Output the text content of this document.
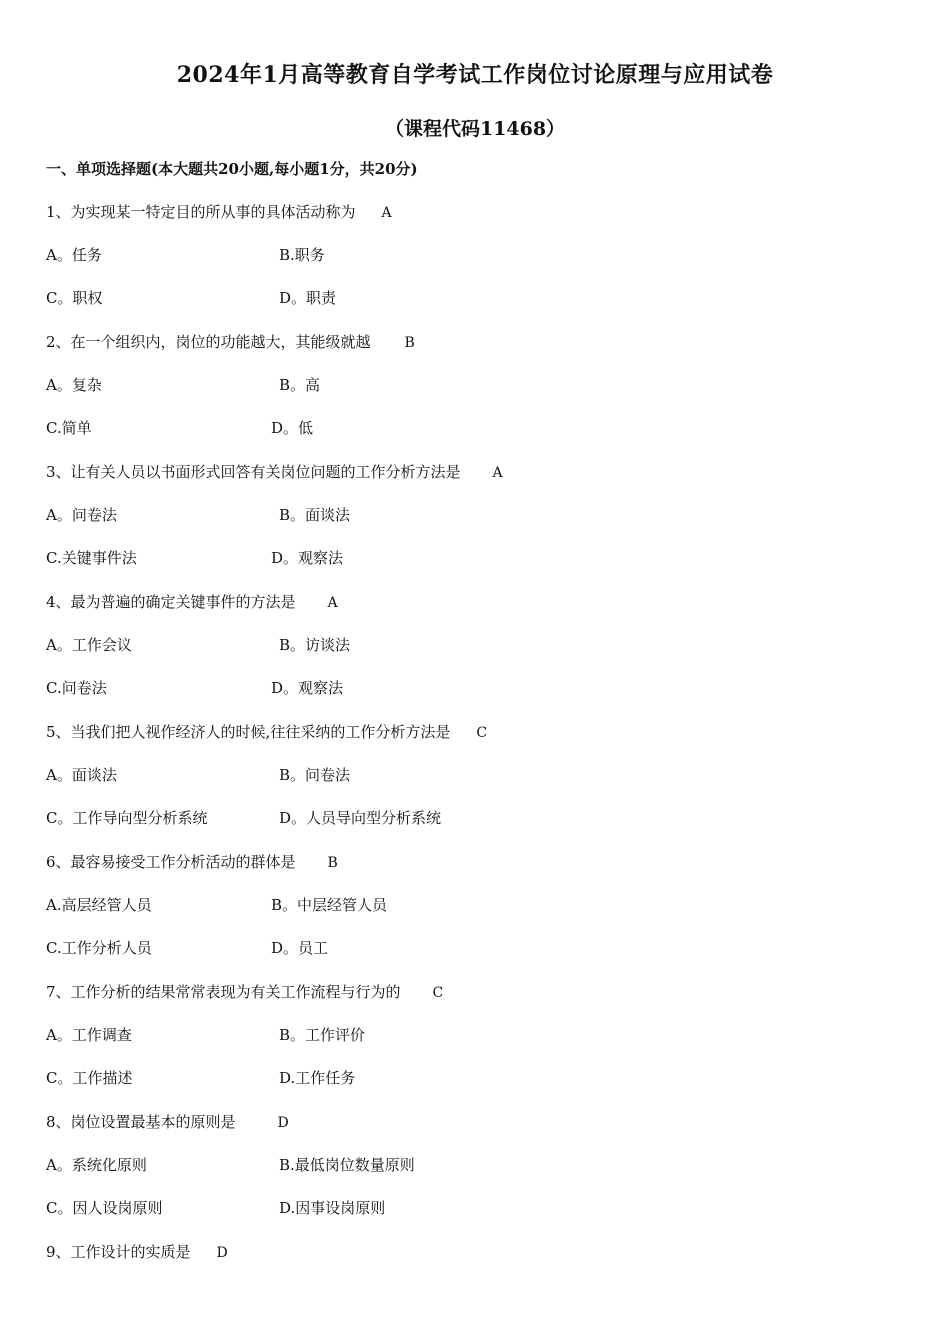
2024年1月高等教育自学考试工作岗位讨论原理与应用试卷
（课程代码11468）
一、单项选择题(本大题共20小题,每小题1分，共20分)
1、为实现某一特定目的所从事的具体活动称为 A
A。任务	B.职务
C。职权	D。职责
2、在一个组织内，岗位的功能越大，其能级就越 B
A。复杂	B。高
C.简单	D。低
3、让有关人员以书面形式回答有关岗位问题的工作分析方法是 A
A。问卷法	B。面谈法
C.关键事件法	D。观察法
4、最为普遍的确定关键事件的方法是 A
A。工作会议	B。访谈法
C.问卷法	D。观察法
5、当我们把人视作经济人的时候,往往采纳的工作分析方法是 C
A。面谈法	B。问卷法
C。工作导向型分析系统	D。人员导向型分析系统
6、最容易接受工作分析活动的群体是 B
A.高层经管人员	B。中层经管人员
C.工作分析人员	D。员工
7、工作分析的结果常常表现为有关工作流程与行为的 C
A。工作调查	B。工作评价
C。工作描述	D.工作任务
8、岗位设置最基本的原则是	D
A。系统化原则	B.最低岗位数量原则
C。因人设岗原则	D.因事设岗原则
9、工作设计的实质是 D
